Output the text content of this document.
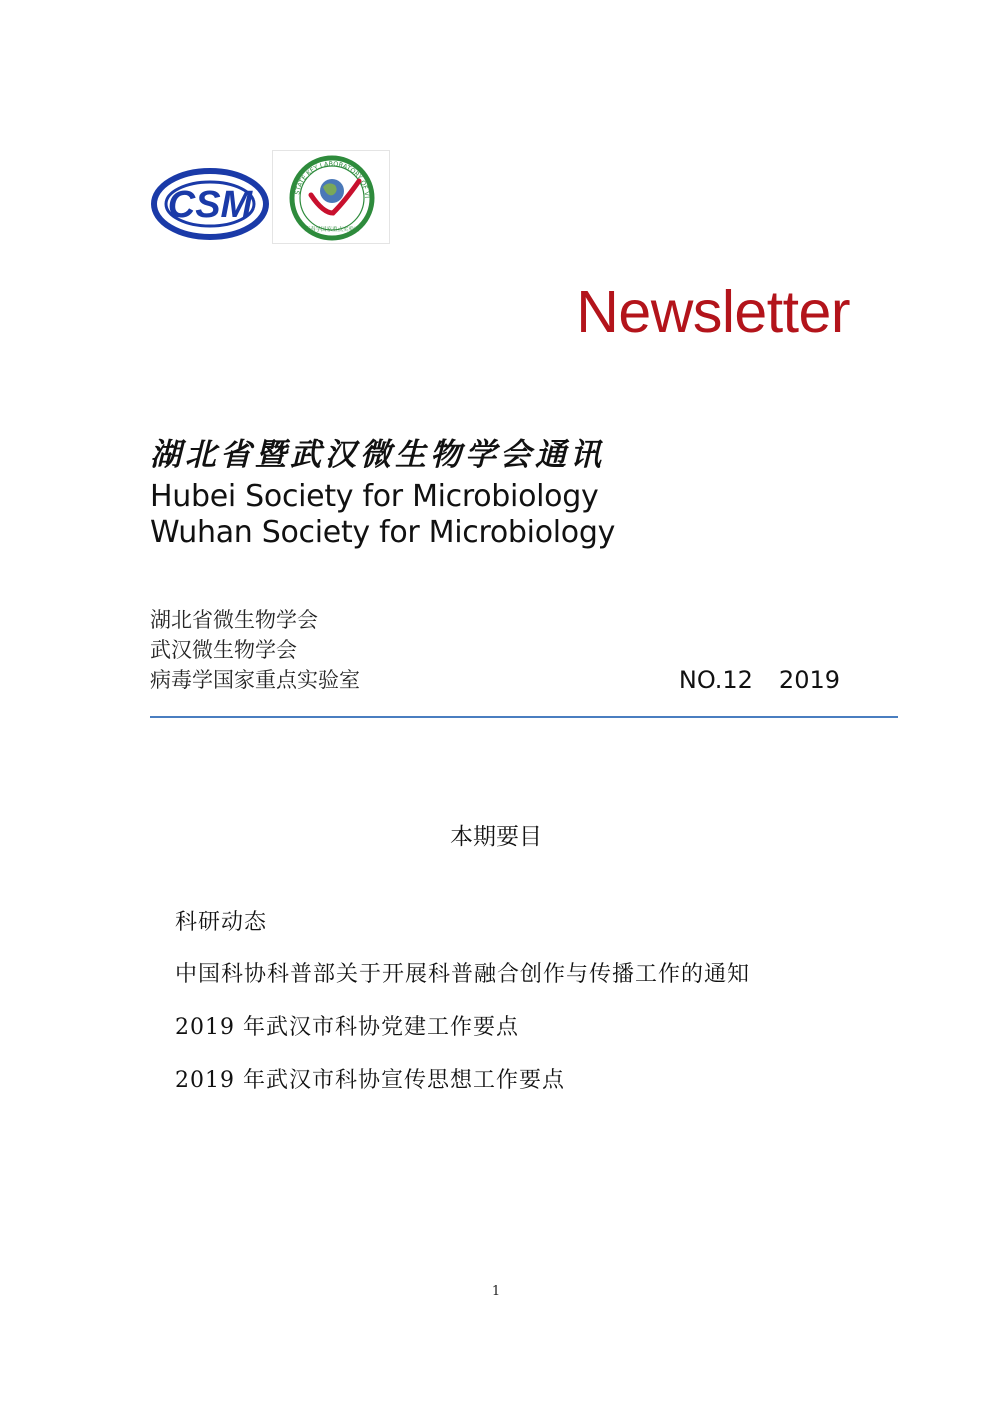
CSM	STATE KEY LABORATORY OF VI
病毒学国家重点实验室
Newsletter
湖北省暨武汉微生物学会通讯
Hubei Society for Microbiology
Wuhan Society for Microbiology
湖北省微生物学会
武汉微生物学会
病毒学国家重点实验室	NO.12 2019
本期要目
科研动态
中国科协科普部关于开展科普融合创作与传播工作的通知
2019 年武汉市科协党建工作要点
2019 年武汉市科协宣传思想工作要点
1
